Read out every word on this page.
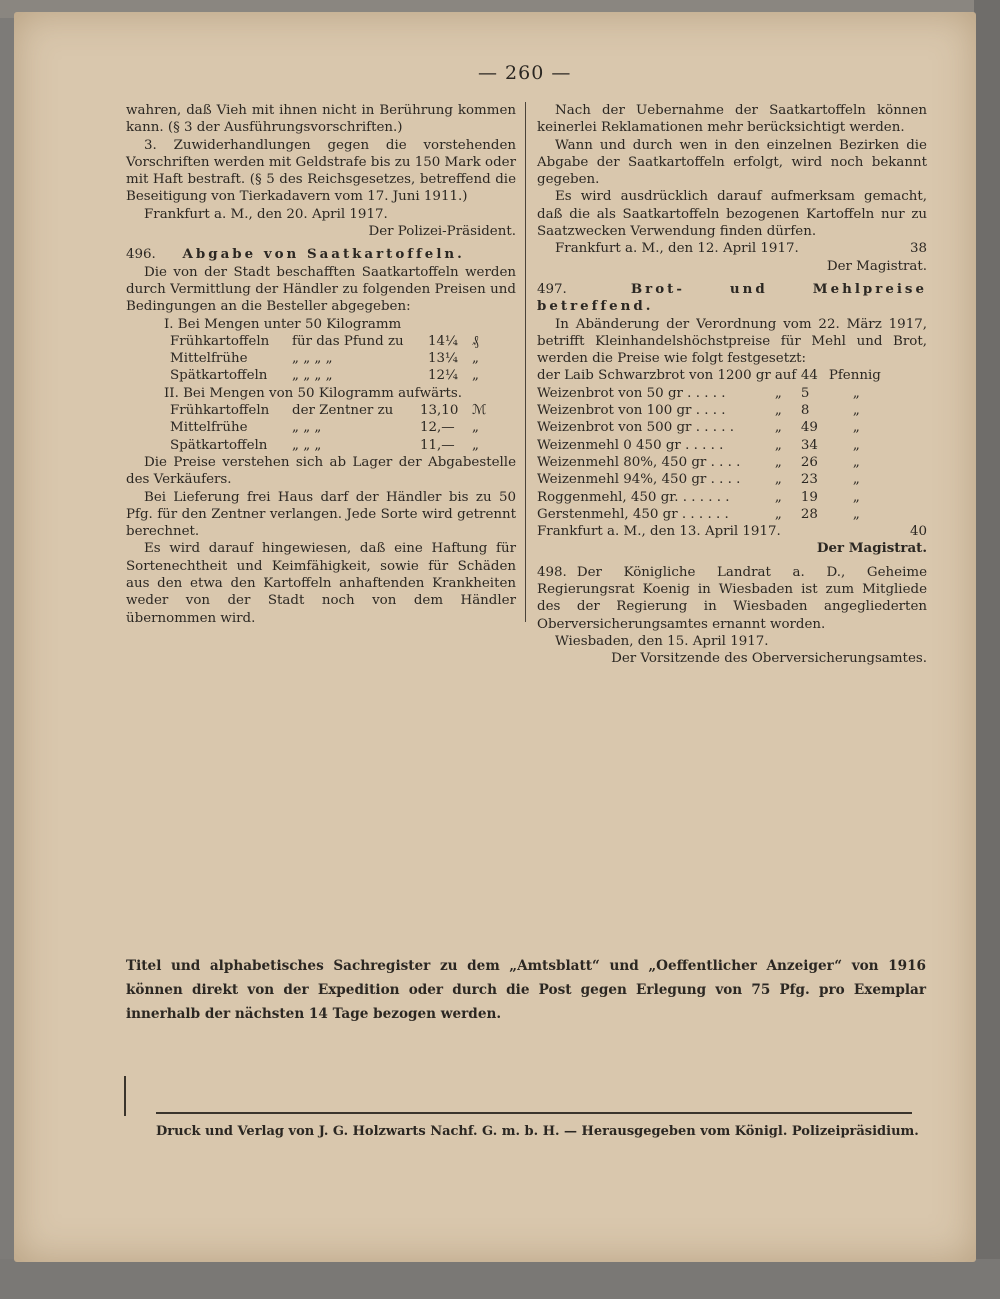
— 260 —

wahren, daß Vieh mit ihnen nicht in Berührung kommen kann. (§ 3 der Ausführungsvorschriften.)

3. Zuwiderhandlungen gegen die vorstehenden Vorschriften werden mit Geldstrafe bis zu 150 Mark oder mit Haft bestraft. (§ 5 des Reichsgesetzes, betreffend die Beseitigung von Tierkadavern vom 17. Juni 1911.)

Frankfurt a. M., den 20. April 1917.

Der Polizei-Präsident.

496. Abgabe von Saatkartoffeln.

Die von der Stadt beschafften Saatkartoffeln werden durch Vermittlung der Händler zu folgenden Preisen und Bedingungen an die Besteller abgegeben:

I. Bei Mengen unter 50 Kilogramm
Frühkartoffeln	für das Pfund zu	14¼	₰
Mittelfrühe	„ „ „ „	13¼	„
Spätkartoffeln	„ „ „ „	12¼	„
II. Bei Mengen von 50 Kilogramm aufwärts.
Frühkartoffeln	der Zentner zu	13,10	ℳ
Mittelfrühe	„ „ „	12,—	„
Spätkartoffeln	„ „ „	11,—	„

Die Preise verstehen sich ab Lager der Abgabestelle des Verkäufers.

Bei Lieferung frei Haus darf der Händler bis zu 50 Pfg. für den Zentner verlangen. Jede Sorte wird getrennt berechnet.

Es wird darauf hingewiesen, daß eine Haftung für Sortenechtheit und Keimfähigkeit, sowie für Schäden aus den etwa den Kartoffeln anhaftenden Krankheiten weder von der Stadt noch von dem Händler übernommen wird.

Nach der Uebernahme der Saatkartoffeln können keinerlei Reklamationen mehr berücksichtigt werden.

Wann und durch wen in den einzelnen Bezirken die Abgabe der Saatkartoffeln erfolgt, wird noch bekannt gegeben.

Es wird ausdrücklich darauf aufmerksam gemacht, daß die als Saatkartoffeln bezogenen Kartoffeln nur zu Saatzwecken Verwendung finden dürfen.

Frankfurt a. M., den 12. April 1917.	38

Der Magistrat.

497.	Brot- und Mehlpreise betreffend.

In Abänderung der Verordnung vom 22. März 1917, betrifft Kleinhandelshöchstpreise für Mehl und Brot, werden die Preise wie folgt festgesetzt:

der Laib Schwarzbrot von 1200 gr	auf	44	Pfennig
Weizenbrot von 50 gr . . . . .	„	5	„
Weizenbrot von 100 gr . . . .	„	8	„
Weizenbrot von 500 gr . . . . .	„	49	„
Weizenmehl 0 450 gr . . . . .	„	34	„
Weizenmehl 80%, 450 gr . . . .	„	26	„
Weizenmehl 94%, 450 gr . . . .	„	23	„
Roggenmehl, 450 gr. . . . . . .	„	19	„
Gerstenmehl, 450 gr . . . . . .	„	28	„

Frankfurt a. M., den 13. April 1917.	40

Der Magistrat.

498. Der Königliche Landrat a. D., Geheime Regierungsrat Koenig in Wiesbaden ist zum Mitgliede des der Regierung in Wiesbaden angegliederten Oberversicherungsamtes ernannt worden.

Wiesbaden, den 15. April 1917.

Der Vorsitzende des Oberversicherungsamtes.

Titel und alphabetisches Sachregister zu dem „Amtsblatt“ und „Oeffentlicher Anzeiger“ von 1916 können direkt von der Expedition oder durch die Post gegen Erlegung von 75 Pfg. pro Exemplar innerhalb der nächsten 14 Tage bezogen werden.
Druck und Verlag von J. G. Holzwarts Nachf. G. m. b. H. — Herausgegeben vom Königl. Polizeipräsidium.
